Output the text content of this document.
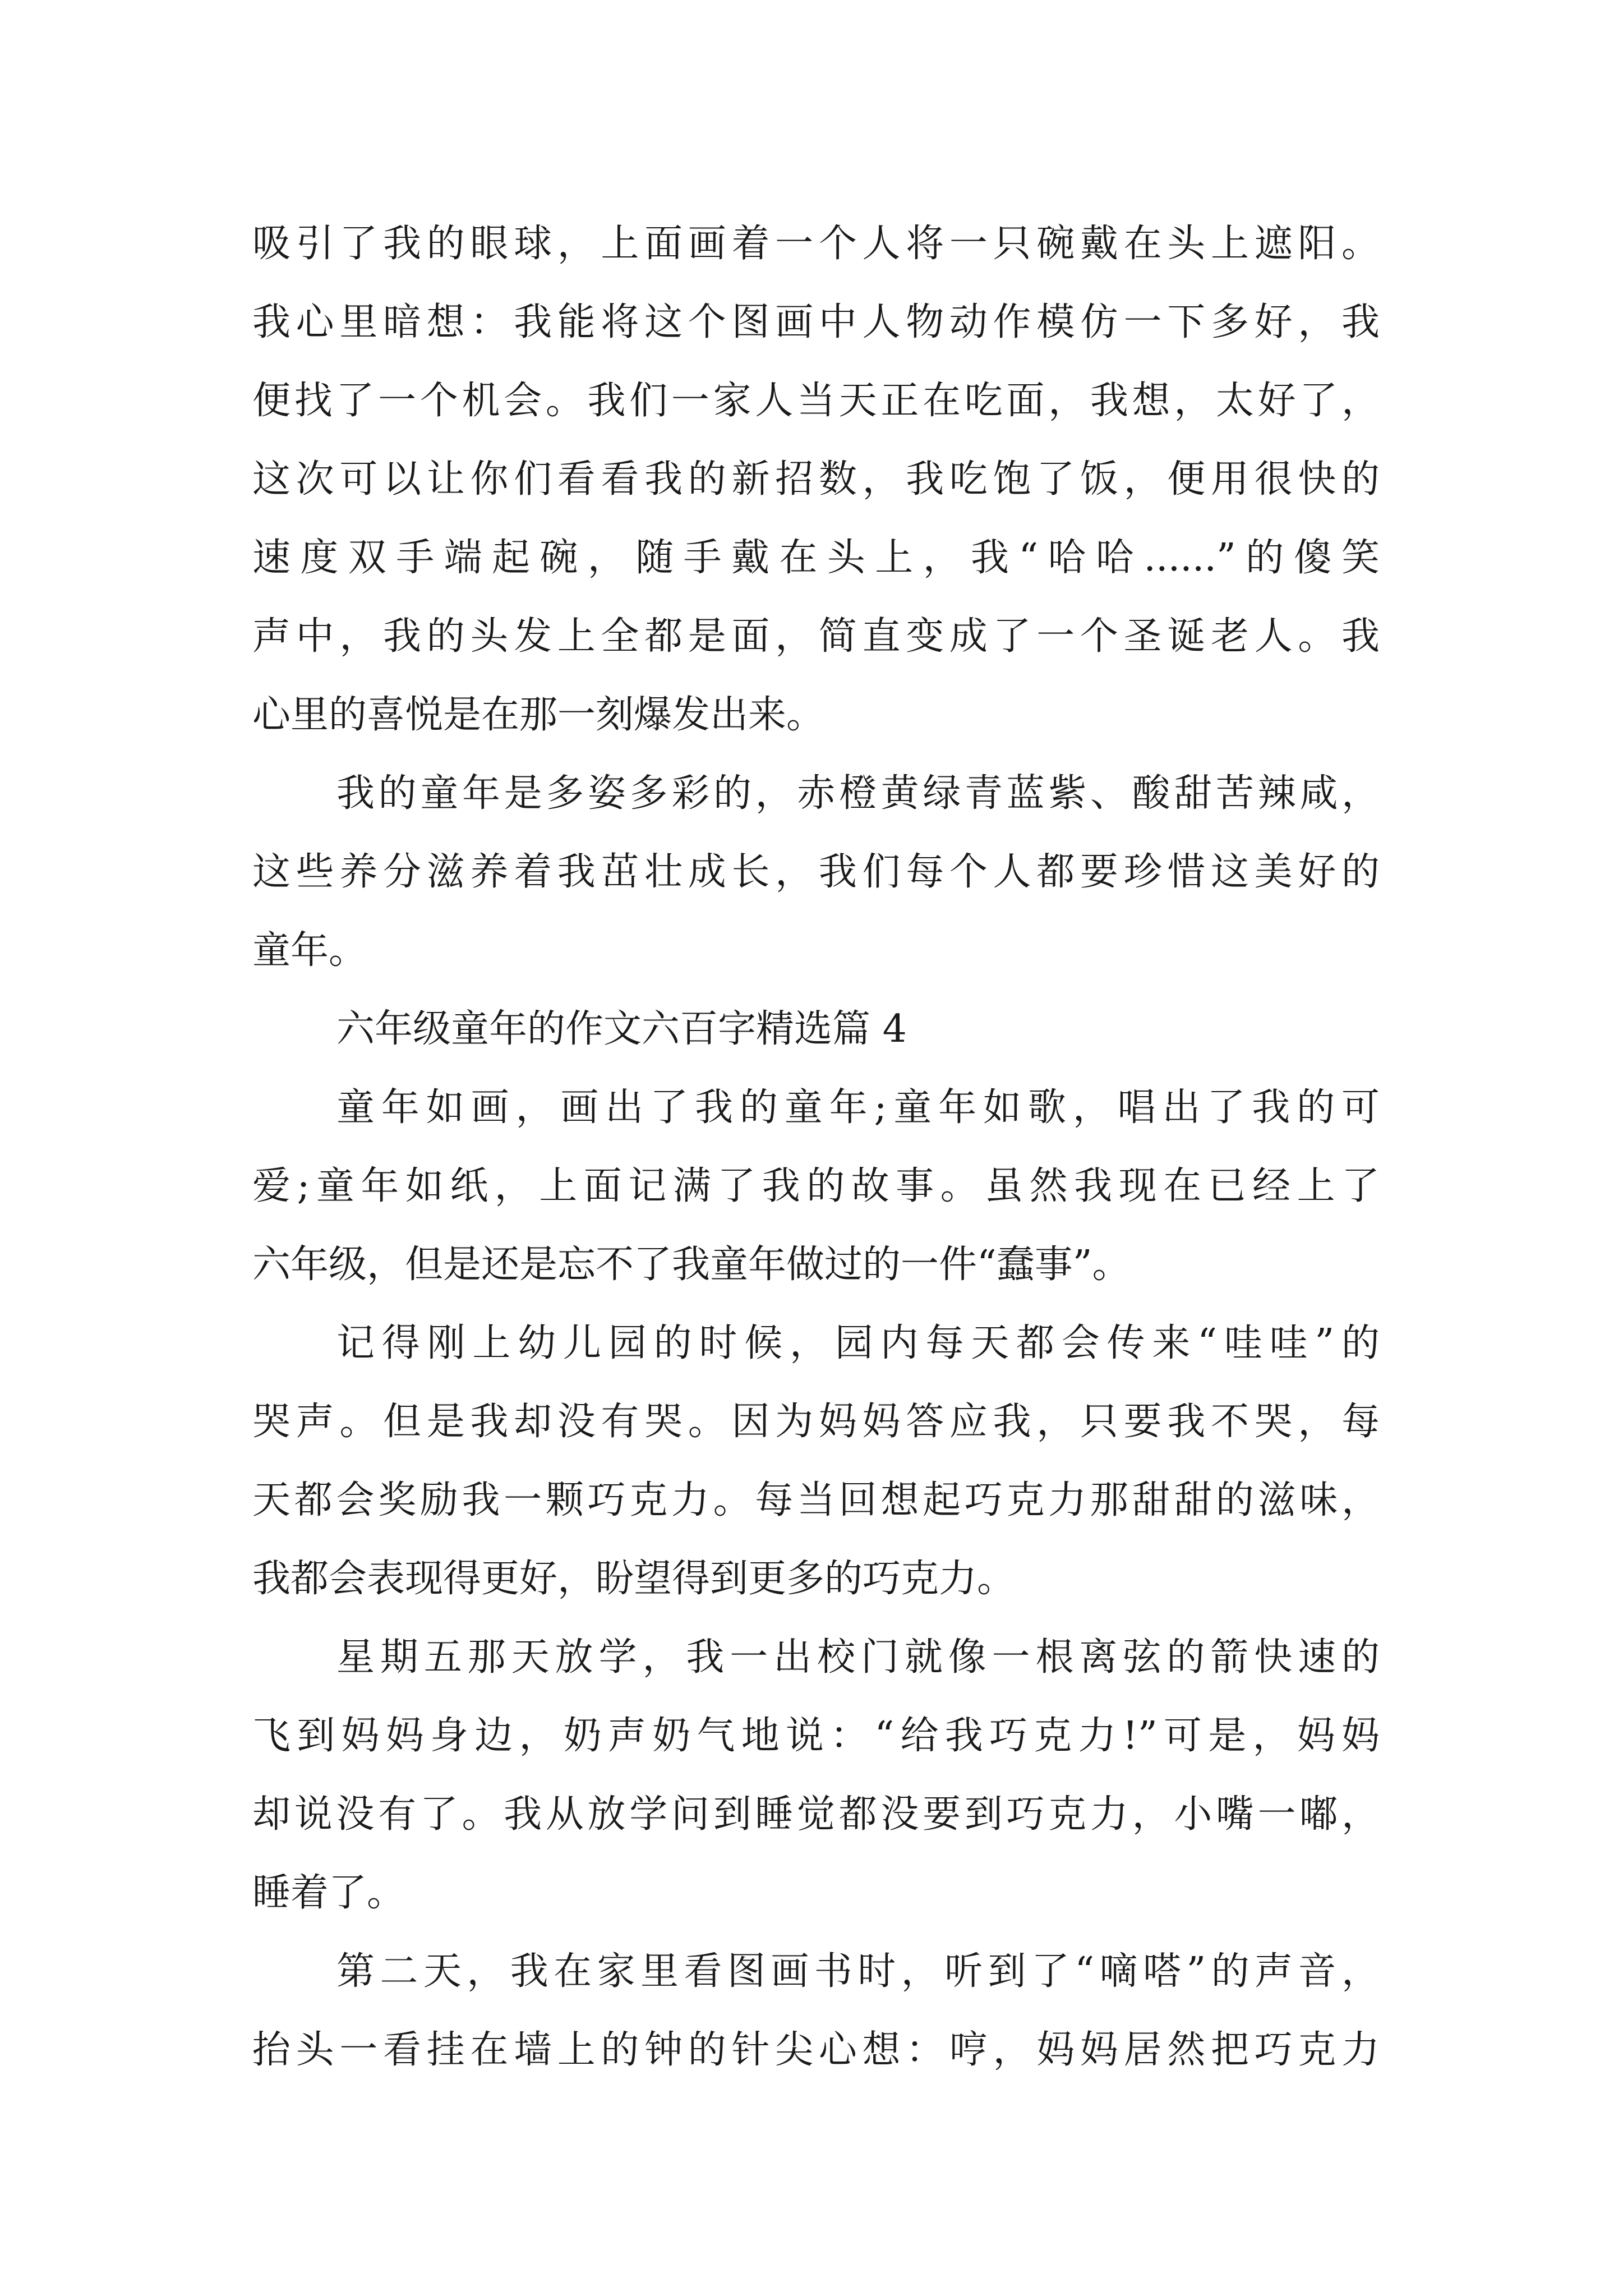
吸引了我的眼球，上面画着一个人将一只碗戴在头上遮阳。

我心里暗想：我能将这个图画中人物动作模仿一下多好，我

便找了一个机会。我们一家人当天正在吃面，我想，太好了，

这次可以让你们看看我的新招数，我吃饱了饭，便用很快的

速度双手端起碗，随手戴在头上，我“哈哈......”的傻笑

声中，我的头发上全都是面，简直变成了一个圣诞老人。我

心里的喜悦是在那一刻爆发出来。

我的童年是多姿多彩的，赤橙黄绿青蓝紫、酸甜苦辣咸，

这些养分滋养着我茁壮成长，我们每个人都要珍惜这美好的

童年。

六年级童年的作文六百字精选篇 4

童年如画，画出了我的童年;童年如歌，唱出了我的可

爱;童年如纸，上面记满了我的故事。虽然我现在已经上了

六年级，但是还是忘不了我童年做过的一件“蠢事”。

记得刚上幼儿园的时候，园内每天都会传来“哇哇”的

哭声。但是我却没有哭。因为妈妈答应我，只要我不哭，每

天都会奖励我一颗巧克力。每当回想起巧克力那甜甜的滋味，

我都会表现得更好，盼望得到更多的巧克力。

星期五那天放学，我一出校门就像一根离弦的箭快速的

飞到妈妈身边，奶声奶气地说：“给我巧克力!”可是，妈妈

却说没有了。我从放学问到睡觉都没要到巧克力，小嘴一嘟，

睡着了。

第二天，我在家里看图画书时，听到了“嘀嗒”的声音，

抬头一看挂在墙上的钟的针尖心想：哼，妈妈居然把巧克力
